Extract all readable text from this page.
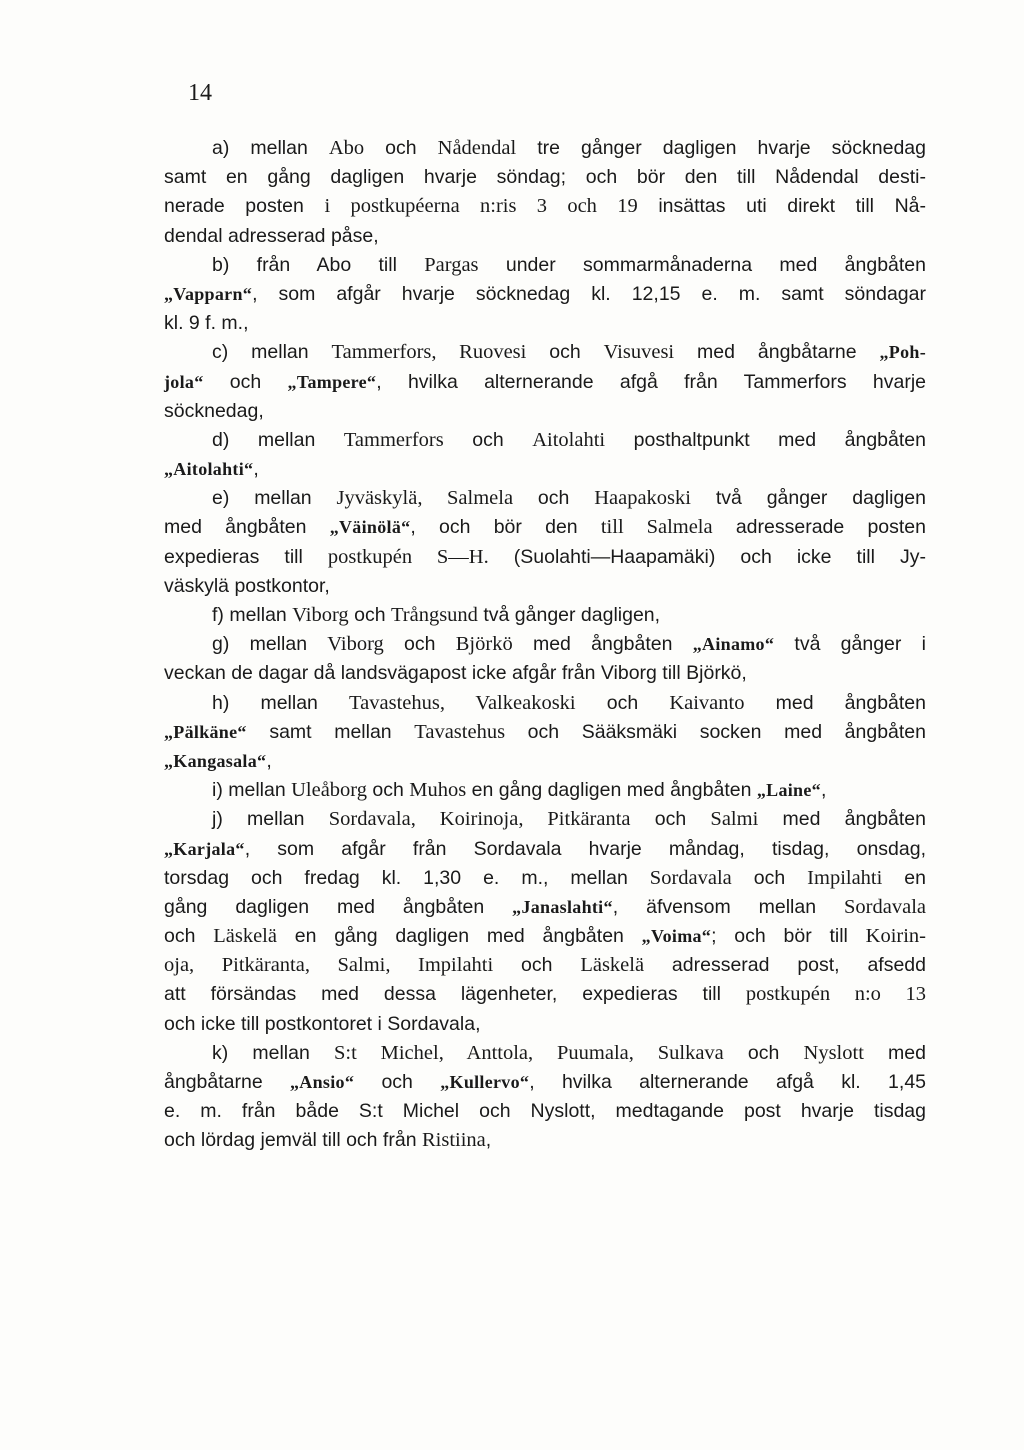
14
a) mellan Abo och Nådendal tre gånger dagligen hvarje söcknedag
samt en gång dagligen hvarje söndag; och bör den till Nådendal desti-
nerade posten i postkupéerna n:ris 3 och 19 insättas uti direkt till Nå-
dendal adresserad påse,
b) från Abo till Pargas under sommarmånaderna med ångbåten
„Vapparn“, som afgår hvarje söcknedag kl. 12,15 e. m. samt söndagar
kl. 9 f. m.,
c) mellan Tammerfors, Ruovesi och Visuvesi med ångbåtarne „Poh-
jola“ och „Tampere“, hvilka alternerande afgå från Tammerfors hvarje
söcknedag,
d) mellan Tammerfors och Aitolahti posthaltpunkt med ångbåten
„Aitolahti“,
e) mellan Jyväskylä, Salmela och Haapakoski två gånger dagligen
med ångbåten „Väinölä“, och bör den till Salmela adresserade posten
expedieras till postkupén S—H. (Suolahti—Haapamäki) och icke till Jy-
väskylä postkontor,
f) mellan Viborg och Trångsund två gånger dagligen,
g) mellan Viborg och Björkö med ångbåten „Ainamo“ två gånger i
veckan de dagar då landsvägapost icke afgår från Viborg till Björkö,
h) mellan Tavastehus, Valkeakoski och Kaivanto med ångbåten
„Pälkäne“ samt mellan Tavastehus och Sääksmäki socken med ångbåten
„Kangasala“,
i) mellan Uleåborg och Muhos en gång dagligen med ångbåten „Laine“,
j) mellan Sordavala, Koirinoja, Pitkäranta och Salmi med ångbåten
„Karjala“, som afgår från Sordavala hvarje måndag, tisdag, onsdag,
torsdag och fredag kl. 1,30 e. m., mellan Sordavala och Impilahti en
gång dagligen med ångbåten „Janaslahti“, äfvensom mellan Sordavala
och Läskelä en gång dagligen med ångbåten „Voima“; och bör till Koirin-
oja, Pitkäranta, Salmi, Impilahti och Läskelä adresserad post, afsedd
att försändas med dessa lägenheter, expedieras till postkupén n:o 13
och icke till postkontoret i Sordavala,
k) mellan S:t Michel, Anttola, Puumala, Sulkava och Nyslott med
ångbåtarne „Ansio“ och „Kullervo“, hvilka alternerande afgå kl. 1,45
e. m. från både S:t Michel och Nyslott, medtagande post hvarje tisdag
och lördag jemväl till och från Ristiina,
